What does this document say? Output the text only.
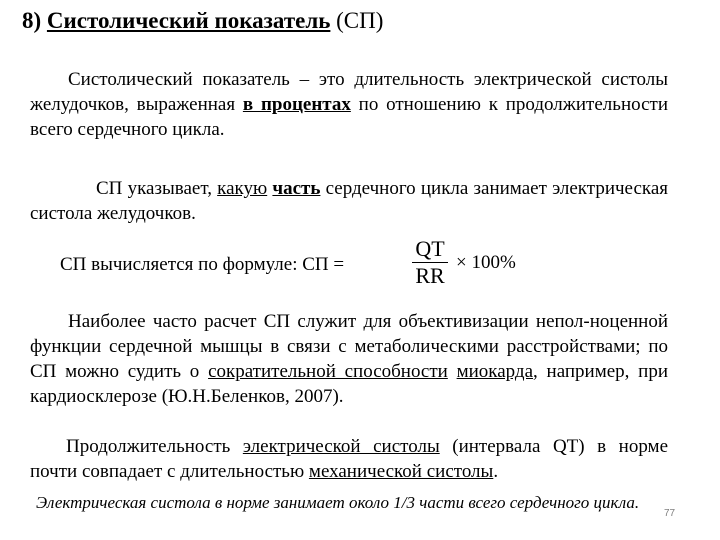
8) Систолический показатель (СП)
Систолический показатель – это длительность электрической систолы желудочков, выраженная в процентах по отношению к продолжительности всего сердечного цикла.
СП указывает, какую часть сердечного цикла занимает электрическая систола желудочков.
СП вычисляется по формуле: СП =	$\frac{QT}{RR} \times 100\%$
Наиболее часто расчет СП служит для объективизации непол-ноценной функции сердечной мышцы в связи с метаболическими расстройствами; по СП можно судить о сократительной способности миокарда, например, при кардиосклерозе (Ю.Н.Беленков, 2007).
Продолжительность электрической систолы (интервала QT) в норме почти совпадает с длительностью механической систолы.
Электрическая систола в норме занимает около 1/3 части всего сердечного цикла.
77
